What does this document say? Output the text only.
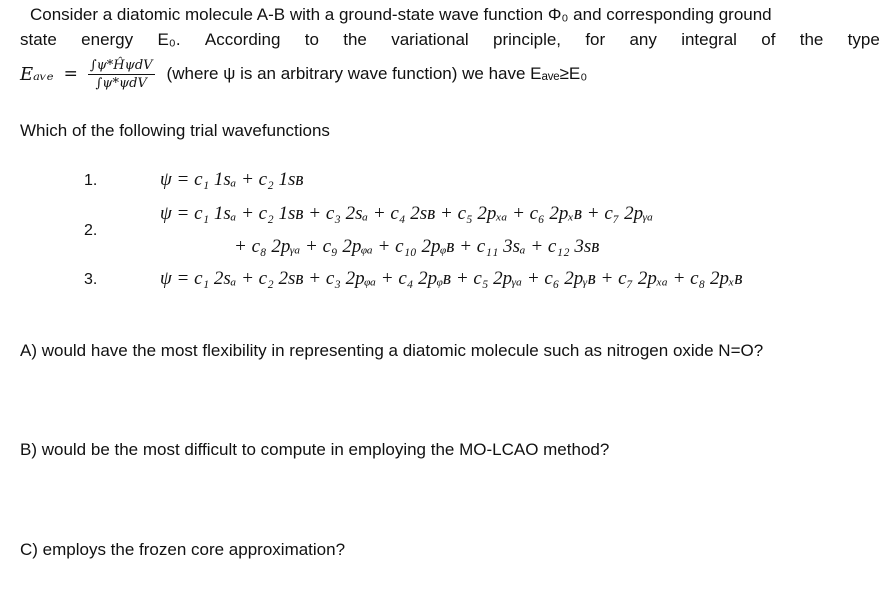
Consider a diatomic molecule A-B with a ground-state wave function Φ₀ and corresponding ground
state energy E₀. According to the variational principle, for any integral of the type
Eₐᵥₑ = $\frac{\text{∫ψ*ĤψdV}}{\text{∫ψ*ψdV}}$ (where ψ is an arbitrary wave function) we have Eₐᵥₑ≥E₀
Which of the following trial wavefunctions
1.	ψ = c₁ 1sₐ + c₂ 1sʙ
2.
ψ = c₁ 1sₐ + c₂ 1sʙ + c₃ 2sₐ + c₄ 2sʙ + c₅ 2pₓₐ + c₆ 2pₓʙ + c₇ 2pᵧₐ
+ c₈ 2pᵧₐ + c₉ 2pᵩₐ + c₁₀ 2pᵩʙ + c₁₁ 3sₐ + c₁₂ 3sʙ
3.	ψ = c₁ 2sₐ + c₂ 2sʙ + c₃ 2pᵩₐ + c₄ 2pᵩʙ + c₅ 2pᵧₐ + c₆ 2pᵧʙ + c₇ 2pₓₐ + c₈ 2pₓʙ
A) would have the most flexibility in representing a diatomic molecule such as nitrogen oxide N=O?
B) would be the most difficult to compute in employing the MO-LCAO method?
C) employs the frozen core approximation?
